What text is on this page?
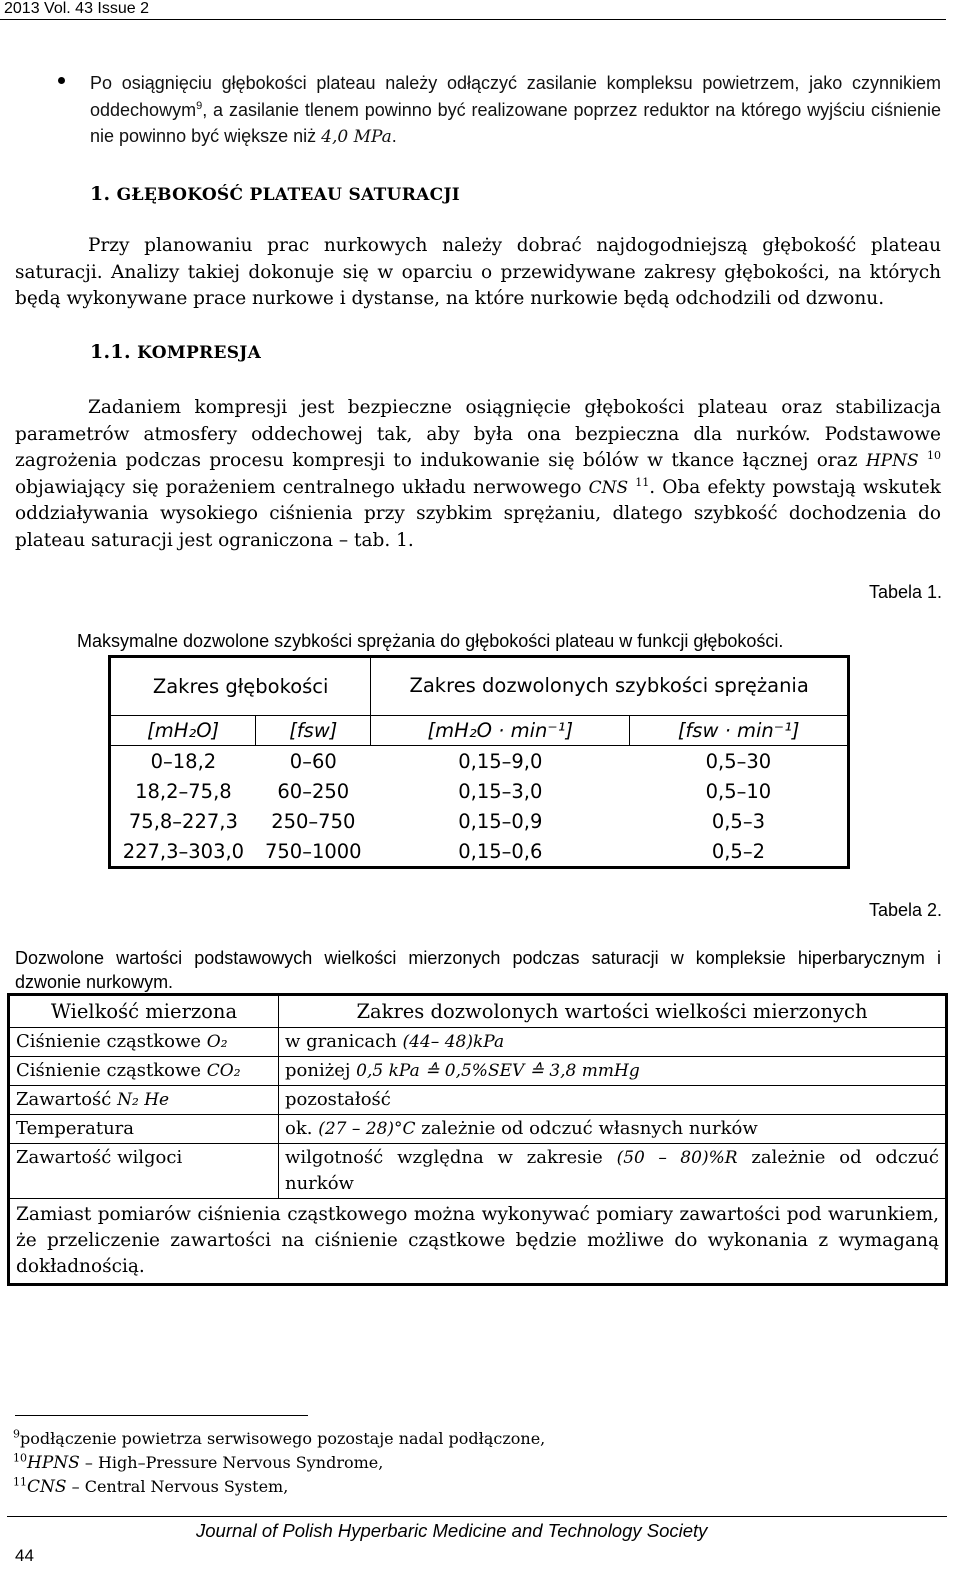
2013 Vol. 43 Issue 2
Po osiągnięciu głębokości plateau należy odłączyć zasilanie kompleksu powietrzem, jako czynnikiem oddechowym$^9$, a zasilanie tlenem powinno być realizowane poprzez reduktor na którego wyjściu ciśnienie nie powinno być większe niż 4,0 MPa.
1. GŁĘBOKOŚĆ PLATEAU SATURACJI
Przy planowaniu prac nurkowych należy dobrać najdogodniejszą głębokość plateau saturacji. Analizy takiej dokonuje się w oparciu o przewidywane zakresy głębokości, na których będą wykonywane prace nurkowe i dystanse, na które nurkowie będą odchodzili od dzwonu.
1.1. KOMPRESJA
Zadaniem kompresji jest bezpieczne osiągnięcie głębokości plateau oraz stabilizacja parametrów atmosfery oddechowej tak, aby była ona bezpieczna dla nurków. Podstawowe zagrożenia podczas procesu kompresji to indukowanie się bólów w tkance łącznej oraz HPNS $^{10}$ objawiający się porażeniem centralnego układu nerwowego CNS $^{11}$. Oba efekty powstają wskutek oddziaływania wysokiego ciśnienia przy szybkim sprężaniu, dlatego szybkość dochodzenia do plateau saturacji jest ograniczona – tab. 1.
Tabela 1.
Maksymalne dozwolone szybkości sprężania do głębokości plateau w funkcji głębokości.
Zakres głębokości		Zakres dozwolonych szybkości sprężania	
[mH₂O]	[fsw]	[mH₂O · min⁻¹]	[fsw · min⁻¹]
0–18,2	0–60	0,15–9,0	0,5–30
18,2–75,8	60–250	0,15–3,0	0,5–10
75,8–227,3	250–750	0,15–0,9	0,5–3
227,3–303,0	750–1000	0,15–0,6	0,5–2
Tabela 2.
Dozwolone wartości podstawowych wielkości mierzonych podczas saturacji w kompleksie hiperbarycznym i dzwonie nurkowym.
Wielkość mierzona	Zakres dozwolonych wartości wielkości mierzonych
Ciśnienie cząstkowe O₂	w granicach (44– 48)kPa
Ciśnienie cząstkowe CO₂	poniżej 0,5 kPa ≙ 0,5%SEV ≙ 3,8 mmHg
Zawartość N₂ He	pozostałość
Temperatura	ok. (27 – 28)°C zależnie od odczuć własnych nurków
Zawartość wilgoci	wilgotność względna w zakresie (50 – 80)%R zależnie od odczuć nurków
Zamiast pomiarów ciśnienia cząstkowego można wykonywać pomiary zawartości pod warunkiem, że przeliczenie zawartości na ciśnienie cząstkowe będzie możliwe do wykonania z wymaganą dokładnością.	
$^9$podłączenie powietrza serwisowego pozostaje nadal podłączone,
$^{10}$HPNS – High–Pressure Nervous Syndrome,
$^{11}$CNS – Central Nervous System,
Journal of Polish Hyperbaric Medicine and Technology Society
44
